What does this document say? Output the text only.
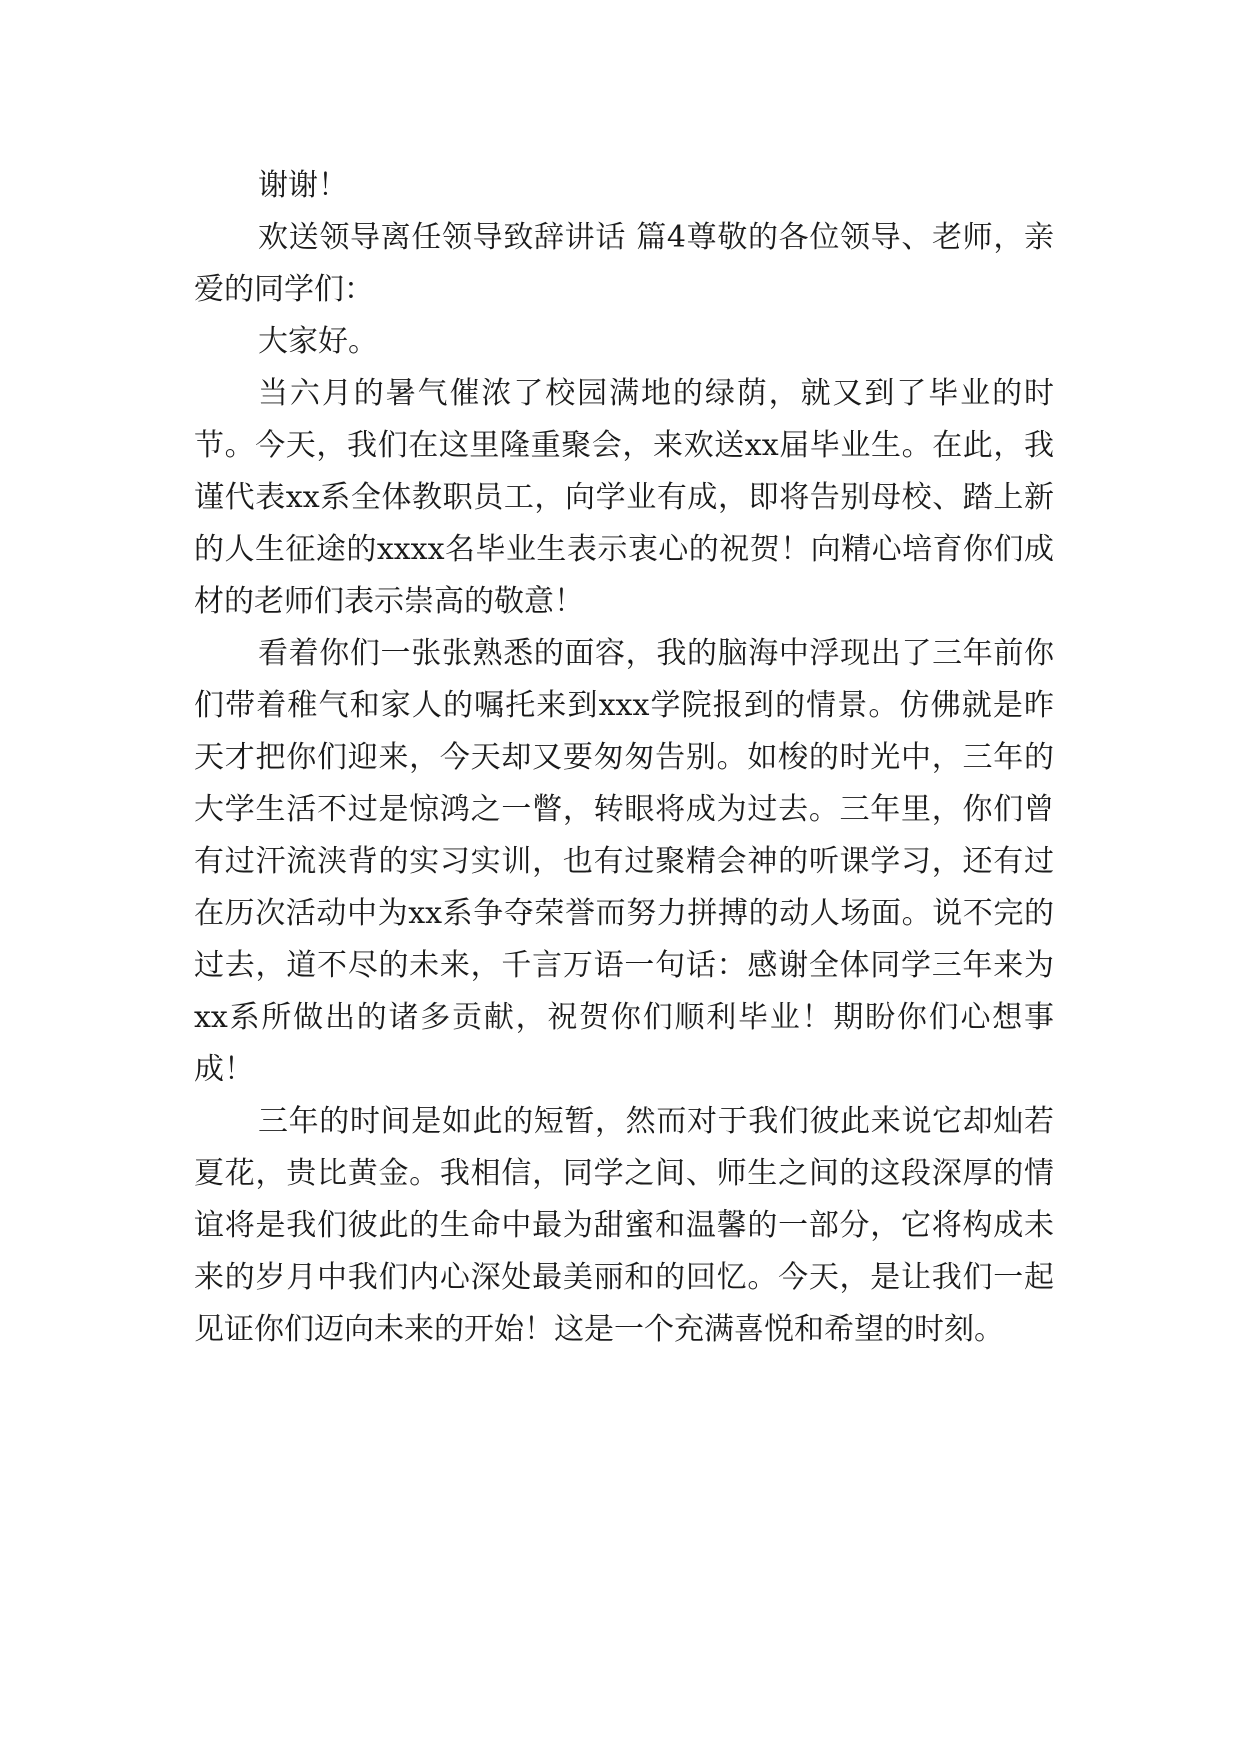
谢谢！

欢送领导离任领导致辞讲话 篇4尊敬的各位领导、老师，亲爱的同学们：

大家好。

当六月的暑气催浓了校园满地的绿荫，就又到了毕业的时节。今天，我们在这里隆重聚会，来欢送xx届毕业生。在此，我谨代表xx系全体教职员工，向学业有成，即将告别母校、踏上新的人生征途的xxxx名毕业生表示衷心的祝贺！向精心培育你们成材的老师们表示崇高的敬意！

看着你们一张张熟悉的面容，我的脑海中浮现出了三年前你们带着稚气和家人的嘱托来到xxx学院报到的情景。仿佛就是昨天才把你们迎来，今天却又要匆匆告别。如梭的时光中，三年的大学生活不过是惊鸿之一瞥，转眼将成为过去。三年里，你们曾有过汗流浃背的实习实训，也有过聚精会神的听课学习，还有过在历次活动中为xx系争夺荣誉而努力拼搏的动人场面。说不完的过去，道不尽的未来，千言万语一句话：感谢全体同学三年来为xx系所做出的诸多贡献，祝贺你们顺利毕业！期盼你们心想事成！

三年的时间是如此的短暂，然而对于我们彼此来说它却灿若夏花，贵比黄金。我相信，同学之间、师生之间的这段深厚的情谊将是我们彼此的生命中最为甜蜜和温馨的一部分，它将构成未来的岁月中我们内心深处最美丽和的回忆。今天，是让我们一起见证你们迈向未来的开始！这是一个充满喜悦和希望的时刻。
